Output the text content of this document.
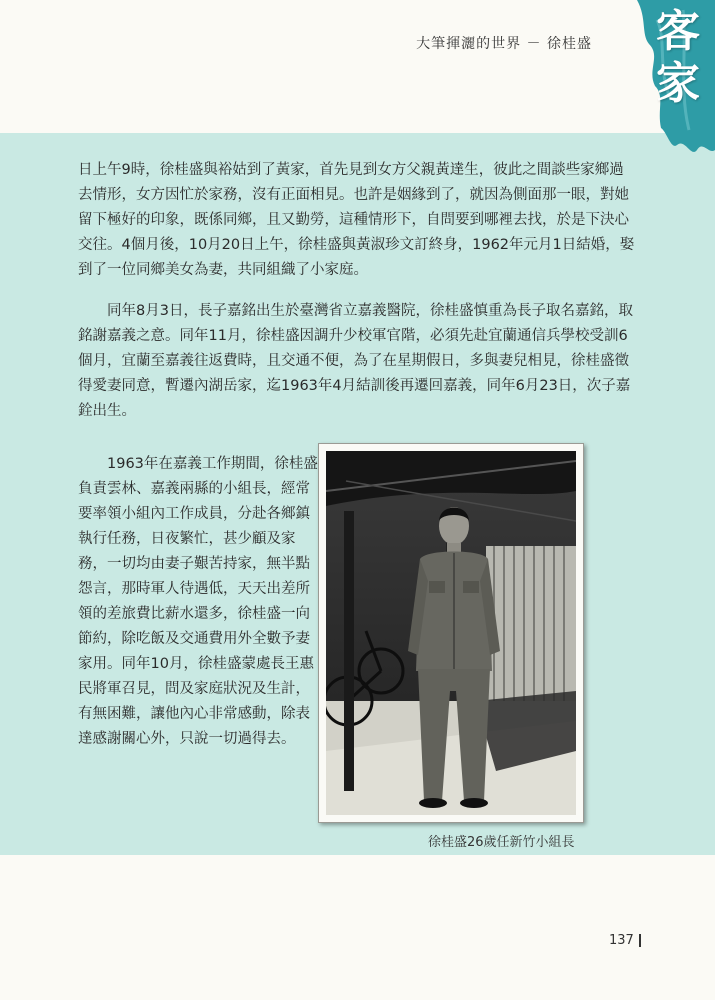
大筆揮灑的世界 － 徐桂盛 客
家

日上午9時，徐桂盛與裕姑到了黃家，首先見到女方父親黃達生，彼此之間談些家鄉過去情形，女方因忙於家務，沒有正面相見。也許是姻緣到了，就因為側面那一眼，對她留下極好的印象，既係同鄉，且又勤勞，這種情形下，自問要到哪裡去找，於是下決心交往。4個月後，10月20日上午，徐桂盛與黃淑珍文訂終身，1962年元月1日結婚，娶到了一位同鄉美女為妻，共同組織了小家庭。

同年8月3日，長子嘉銘出生於臺灣省立嘉義醫院，徐桂盛慎重為長子取名嘉銘，取銘謝嘉義之意。同年11月，徐桂盛因調升少校軍官階，必須先赴宜蘭通信兵學校受訓6個月，宜蘭至嘉義往返費時，且交通不便，為了在星期假日，多與妻兒相見，徐桂盛徵得愛妻同意，暫遷內湖岳家，迄1963年4月結訓後再遷回嘉義，同年6月23日，次子嘉銓出生。

1963年在嘉義工作期間，徐桂盛負責雲林、嘉義兩縣的小組長，經常要率領小組內工作成員，分赴各鄉鎮執行任務，日夜繁忙，甚少顧及家務，一切均由妻子艱苦持家，無半點怨言，那時軍人待遇低，天天出差所領的差旅費比薪水還多，徐桂盛一向節約，除吃飯及交通費用外全數予妻家用。同年10月，徐桂盛蒙處長王惠民將軍召見，問及家庭狀況及生計，有無困難，讓他內心非常感動，除表達感謝關心外，只說一切過得去。

徐桂盛26歲任新竹小組長
137
